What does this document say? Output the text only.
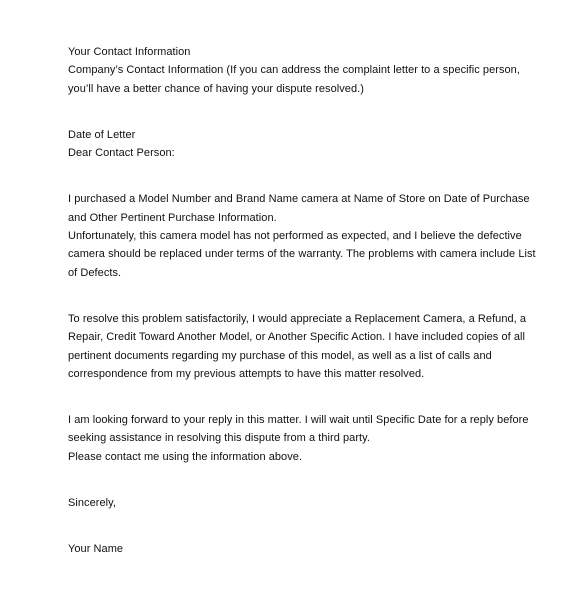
Your Contact Information
Company’s Contact Information (If you can address the complaint letter to a specific person,
you’ll have a better chance of having your dispute resolved.)
Date of Letter
Dear Contact Person:
I purchased a Model Number and Brand Name camera at Name of Store on Date of Purchase
and Other Pertinent Purchase Information.
Unfortunately, this camera model has not performed as expected, and I believe the defective
camera should be replaced under terms of the warranty. The problems with camera include List
of Defects.
To resolve this problem satisfactorily, I would appreciate a Replacement Camera, a Refund, a
Repair, Credit Toward Another Model, or Another Specific Action. I have included copies of all
pertinent documents regarding my purchase of this model, as well as a list of calls and
correspondence from my previous attempts to have this matter resolved.
I am looking forward to your reply in this matter. I will wait until Specific Date for a reply before
seeking assistance in resolving this dispute from a third party.
Please contact me using the information above.
Sincerely,
Your Name
